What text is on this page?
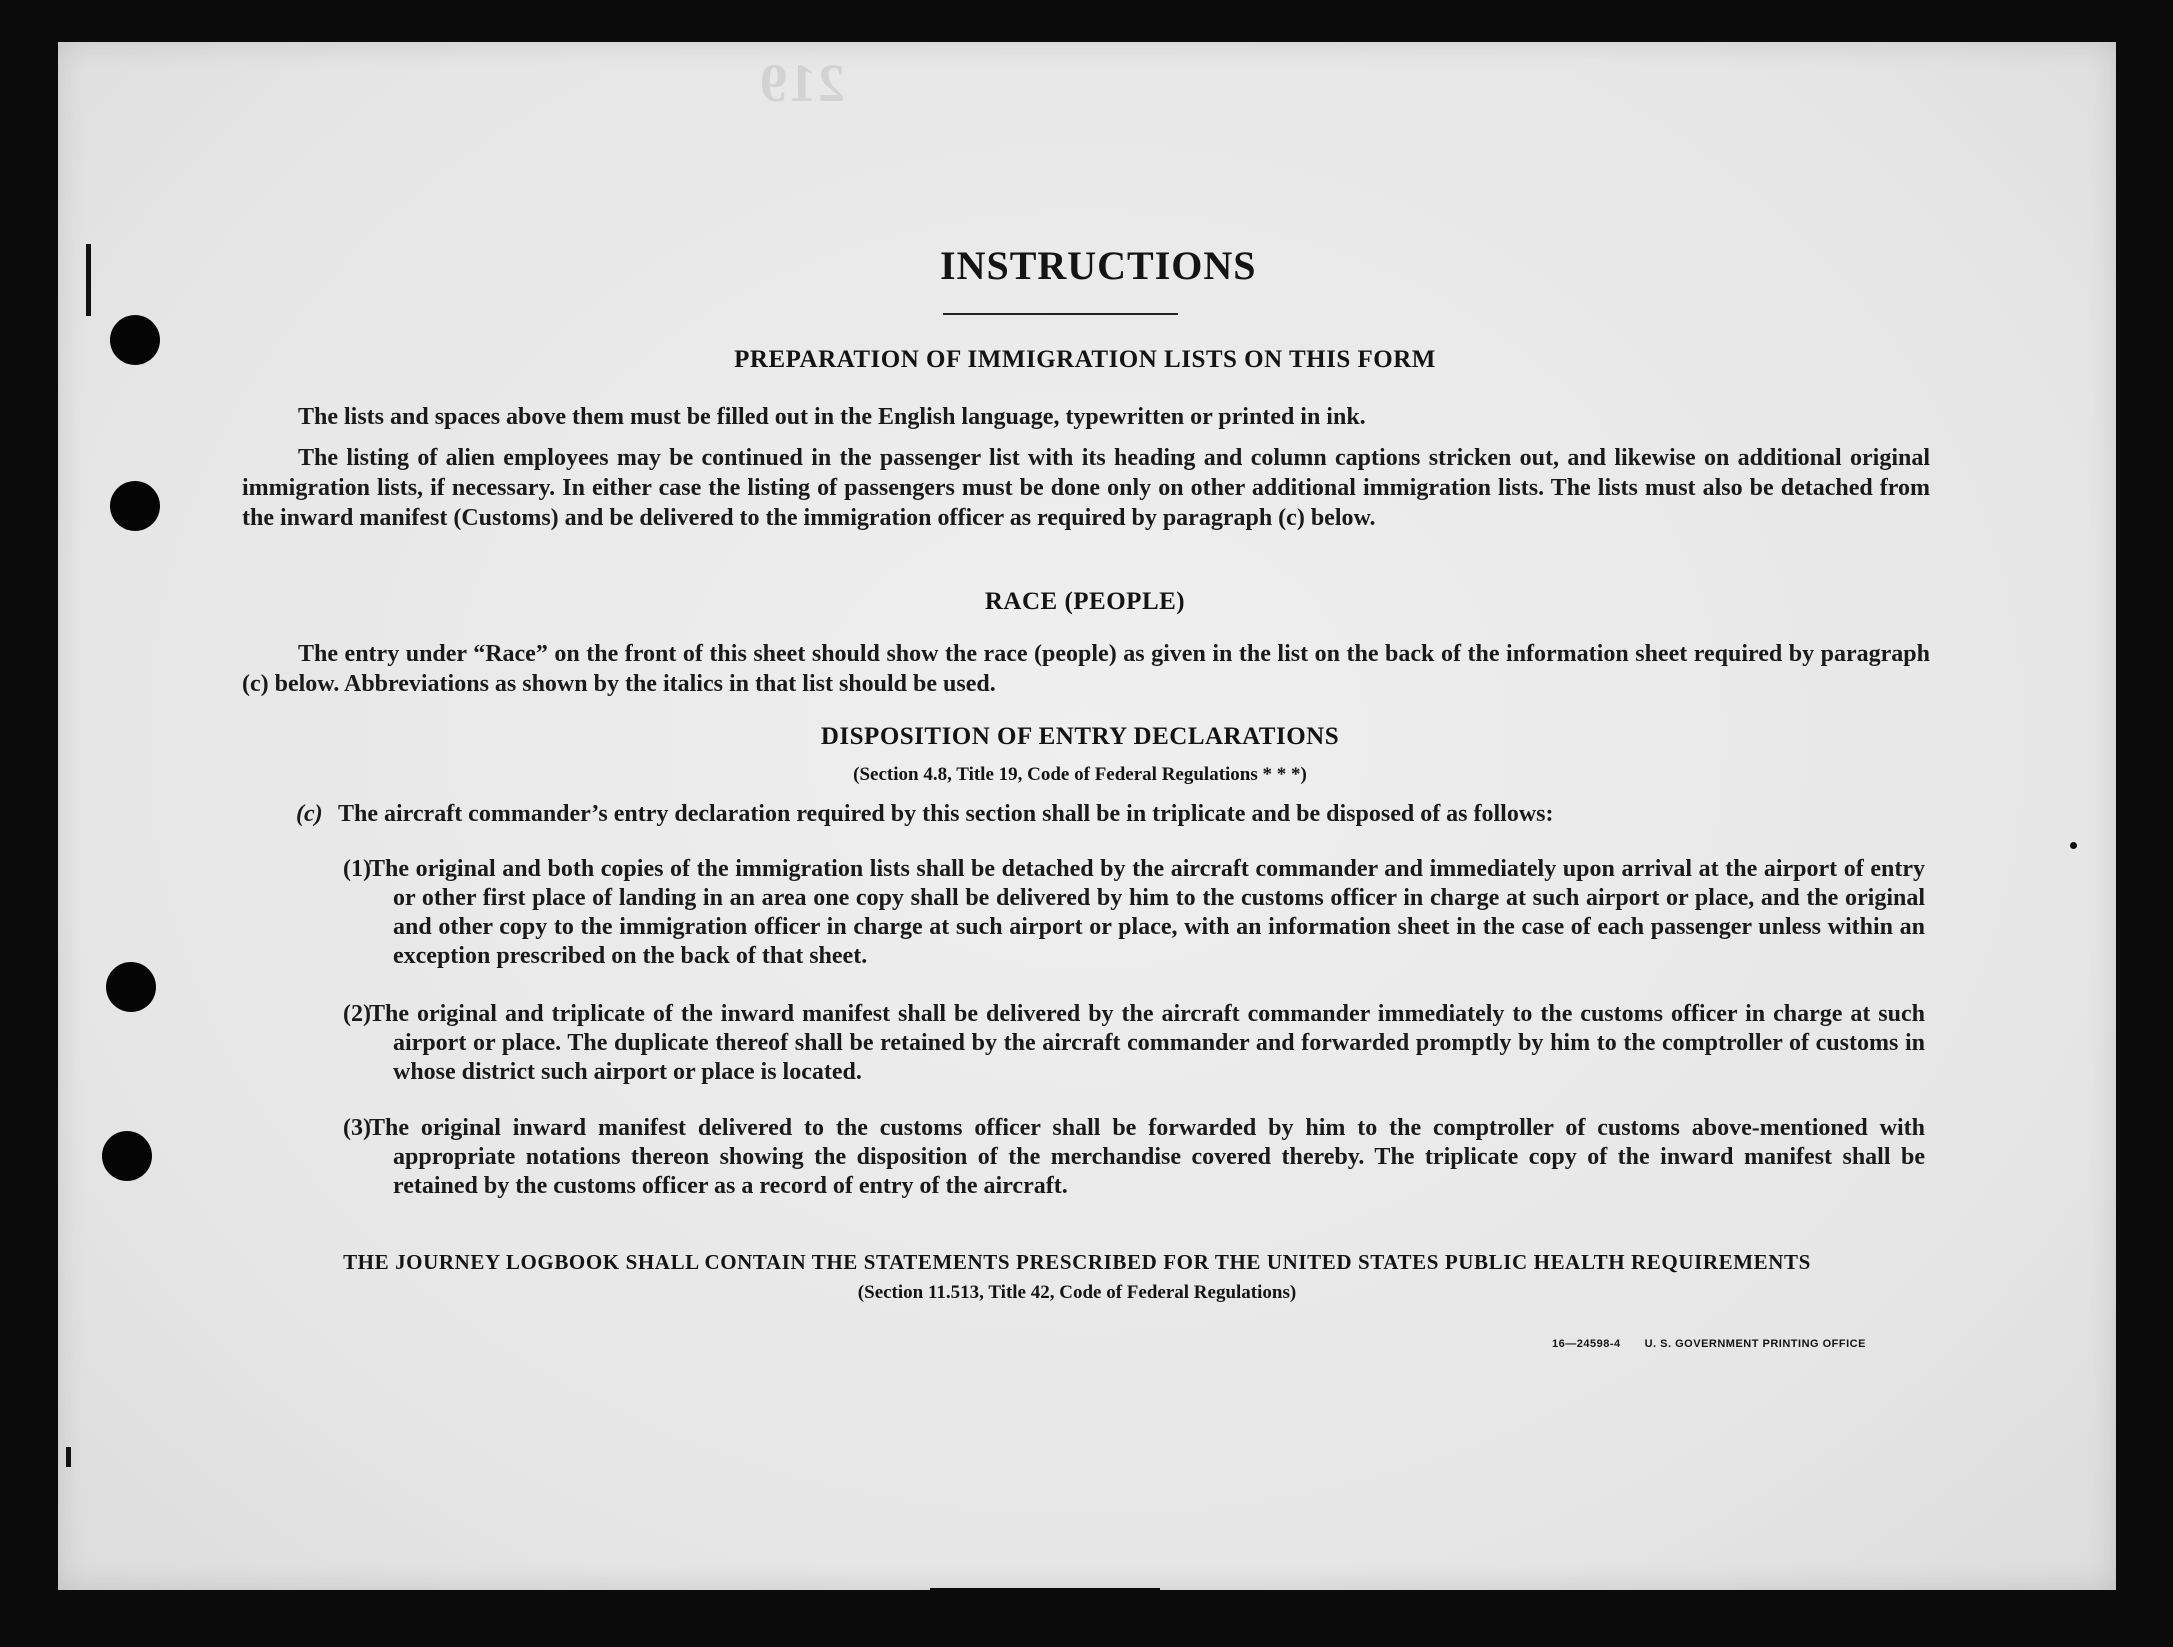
219
INSTRUCTIONS
PREPARATION OF IMMIGRATION LISTS ON THIS FORM
The lists and spaces above them must be filled out in the English language, typewritten or printed in ink.
The listing of alien employees may be continued in the passenger list with its heading and column captions stricken out, and likewise on additional original immigration lists, if necessary. In either case the listing of passengers must be done only on other additional immigration lists. The lists must also be detached from the inward manifest (Customs) and be delivered to the immigration officer as required by paragraph (c) below.
RACE (PEOPLE)
The entry under “Race” on the front of this sheet should show the race (people) as given in the list on the back of the information sheet required by paragraph (c) below. Abbreviations as shown by the italics in that list should be used.
DISPOSITION OF ENTRY DECLARATIONS
(Section 4.8, Title 19, Code of Federal Regulations * * *)
(c) The aircraft commander’s entry declaration required by this section shall be in triplicate and be disposed of as follows:
(1)
The original and both copies of the immigration lists shall be detached by the aircraft commander and immediately upon arrival at the airport of entry or other first place of landing in an area one copy shall be delivered by him to the customs officer in charge at such airport or place, and the original and other copy to the immigration officer in charge at such airport or place, with an information sheet in the case of each passenger unless within an exception prescribed on the back of that sheet.
(2)
The original and triplicate of the inward manifest shall be delivered by the aircraft commander immediately to the customs officer in charge at such airport or place. The duplicate thereof shall be retained by the aircraft commander and forwarded promptly by him to the comptroller of customs in whose district such airport or place is located.
(3)
The original inward manifest delivered to the customs officer shall be forwarded by him to the comptroller of customs above-mentioned with appropriate notations thereon showing the disposition of the merchandise covered thereby. The triplicate copy of the inward manifest shall be retained by the customs officer as a record of entry of the aircraft.
THE JOURNEY LOGBOOK SHALL CONTAIN THE STATEMENTS PRESCRIBED FOR THE UNITED STATES PUBLIC HEALTH REQUIREMENTS
(Section 11.513, Title 42, Code of Federal Regulations)
16—24598-4 U. S. GOVERNMENT PRINTING OFFICE
